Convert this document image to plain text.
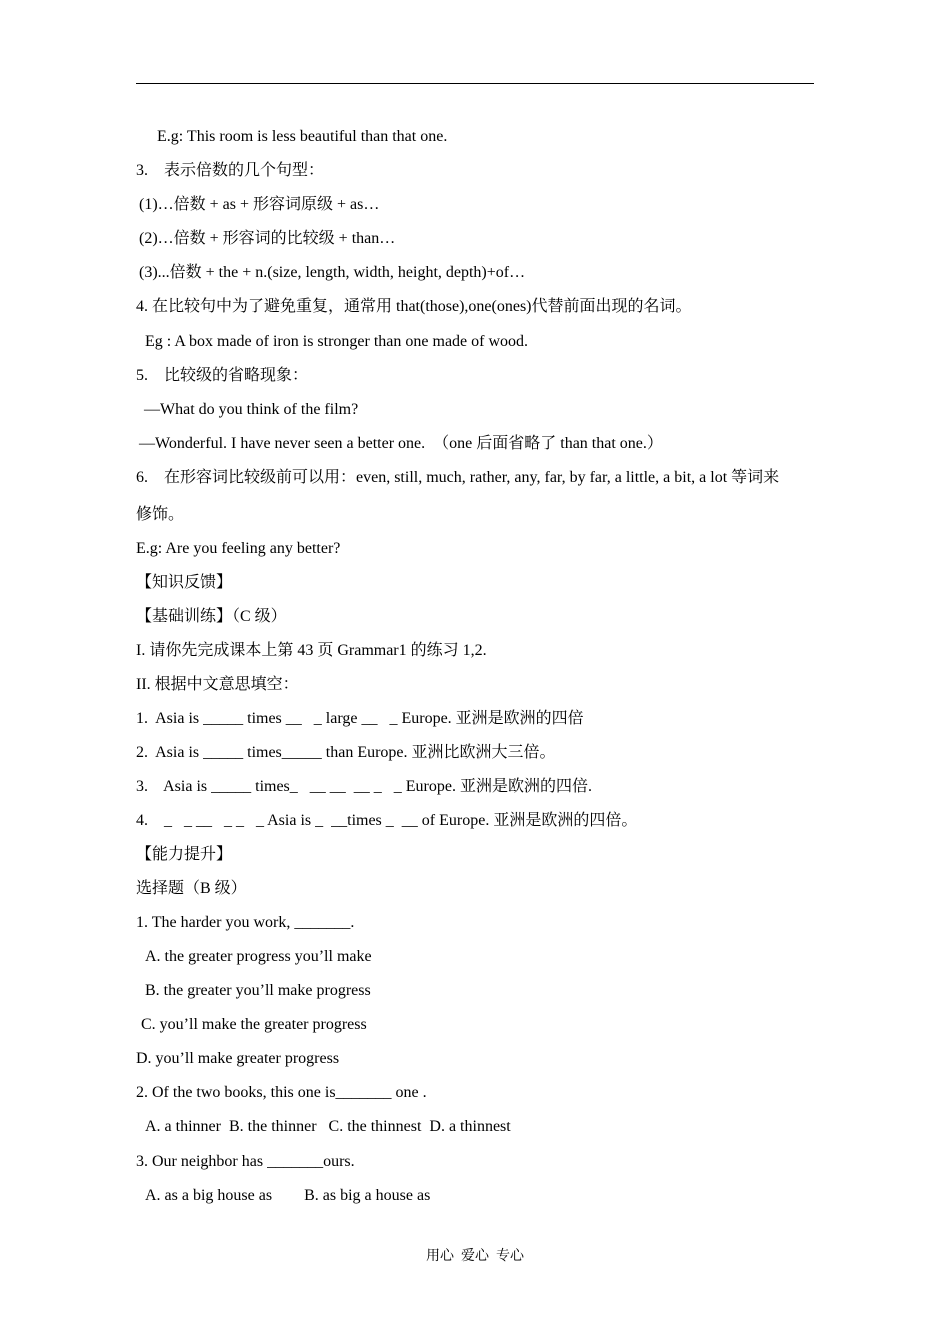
E.g: This room is less beautiful than that one.
3.    表示倍数的几个句型：
(1)…倍数 + as + 形容词原级 + as…
(2)…倍数 + 形容词的比较级 + than…
(3)...倍数 + the + n.(size, length, width, height, depth)+of…
4. 在比较句中为了避免重复，通常用 that(those),one(ones)代替前面出现的名词。
Eg : A box made of iron is stronger than one made of wood.
5.    比较级的省略现象：
—What do you think of the film?
—Wonderful. I have never seen a better one.  （one 后面省略了 than that one.）
6.    在形容词比较级前可以用：even, still, much, rather, any, far, by far, a little, a bit, a lot 等词来
修饰。
E.g: Are you feeling any better?
【知识反馈】
【基础训练】（C 级）
I. 请你先完成课本上第 43 页 Grammar1 的练习 1,2.
II. 根据中文意思填空：
1.  Asia is _____ times __   _ large __   _ Europe. 亚洲是欧洲的四倍
2.  Asia is _____ times_____ than Europe. 亚洲比欧洲大三倍。
3.    Asia is _____ times_   __ __  __ _   _ Europe. 亚洲是欧洲的四倍.
4.    _   _ __   _ _   _ Asia is _  __times _  __ of Europe. 亚洲是欧洲的四倍。
【能力提升】
选择题（B 级）
1. The harder you work, _______.
A. the greater progress you’ll make
B. the greater you’ll make progress
C. you’ll make the greater progress
D. you’ll make greater progress
2. Of the two books, this one is_______ one .
A. a thinner  B. the thinner   C. the thinnest  D. a thinnest
3. Our neighbor has _______ours.
A. as a big house as        B. as big a house as
用心  爱心  专心
